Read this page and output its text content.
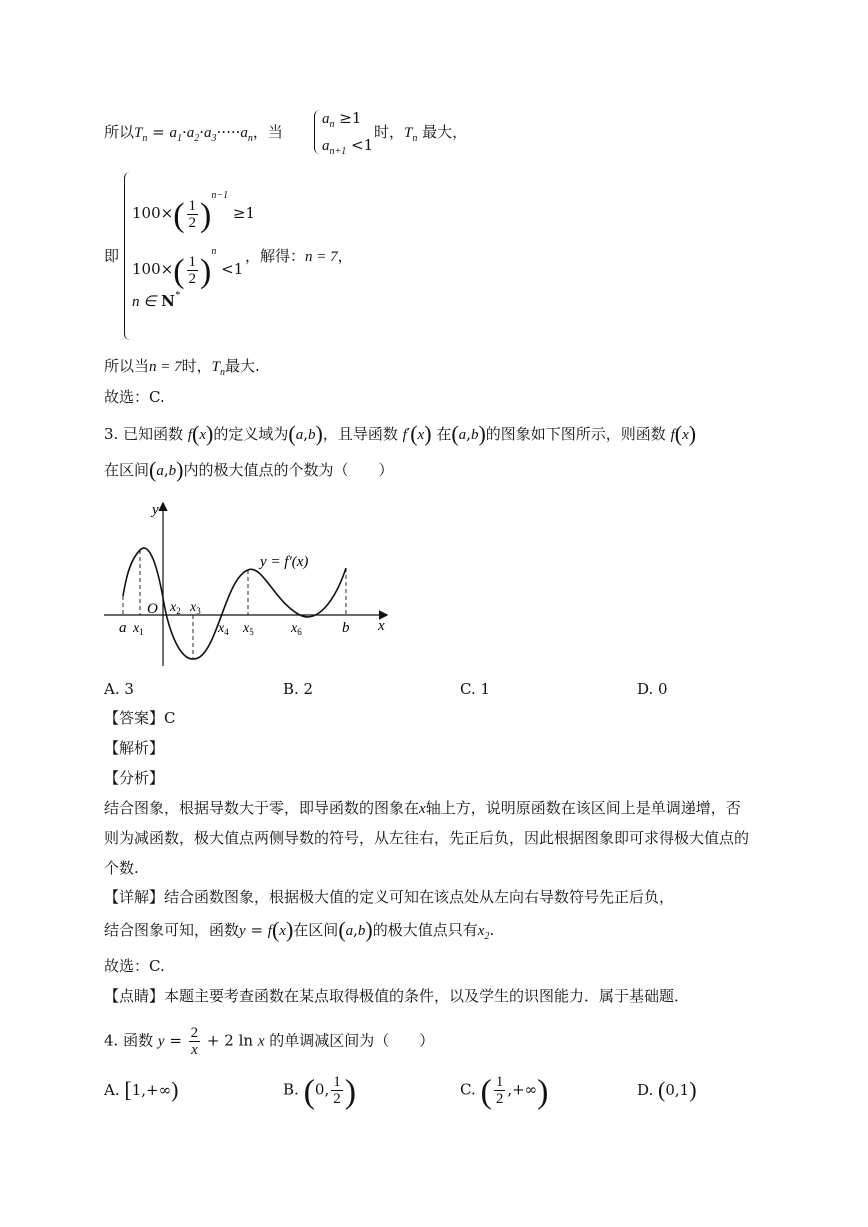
所以$T_n = a_1\cdot a_2\cdot a_3\cdot\cdot\cdot\cdot\cdot a_n$，当
$a_n \ge 1$
$a_{n+1} <1$
时，$T_n$ 最大，
即
$100\times( \frac{1}{2} )^{n-1} \ge 1$
$100\times( \frac{1}{2} )^n <1$
，解得：n = 7，
n ∈ N*
所以当n = 7时，$T_n$最大.
故选：C.
3. 已知函数 f(x)的定义域为(a,b)，且导函数 f′(x) 在(a,b)的图象如下图所示，则函数 f(x)
在区间(a,b)内的极大值点的个数为（　　）
y
x
O
y = f′(x)
a $x_1$
$x_2$ $x_3$
$x_4$ $x_5$	$x_6$	b
A. 3	B. 2	C. 1	D. 0
【答案】C
【解析】
【分析】
结合图象，根据导数大于零，即导函数的图象在x轴上方，说明原函数在该区间上是单调递增，否
则为减函数，极大值点两侧导数的符号，从左往右，先正后负，因此根据图象即可求得极大值点的
个数.
【详解】结合函数图象，根据极大值的定义可知在该点处从左向右导数符号先正后负，
结合图象可知，函数y = f(x)在区间(a,b)的极大值点只有$x_2$.
故选：C.
【点睛】本题主要考查函数在某点取得极值的条件，以及学生的识图能力．属于基础题．
4. 函数 $y = \frac{2}{x} + 2$ ln x 的单调减区间为（　　）
A. [1,+∞)	B. (0, $\frac{1}{2}$ )	C. ( $\frac{1}{2}$ ,+∞)	D. (0,1)
